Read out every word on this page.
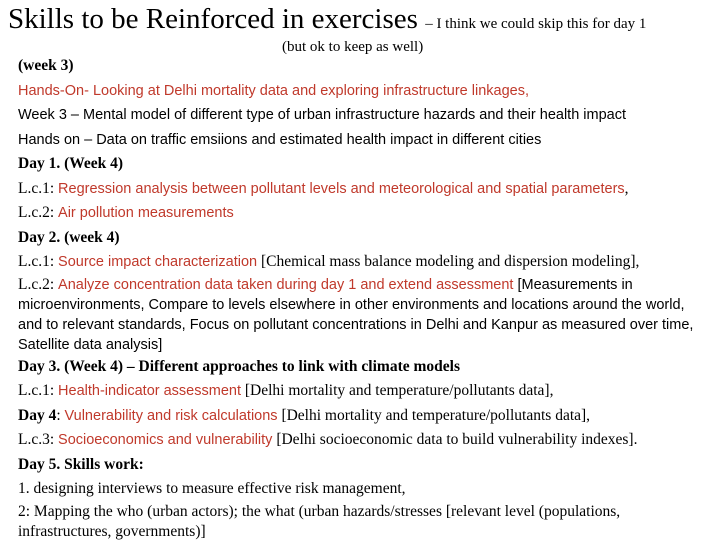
Skills to be Reinforced in exercises – I think we could skip this for day 1
(but ok to keep as well)

(week 3)

Hands-On- Looking at Delhi mortality data and exploring infrastructure linkages,

Week 3 – Mental model of different type of urban infrastructure hazards and their health impact

Hands on – Data on traffic emsiions and estimated health impact in different cities

Day 1. (Week 4)

L.c.1: Regression analysis between pollutant levels and meteorological and spatial parameters,

L.c.2: Air pollution measurements

Day 2. (week 4)

L.c.1: Source impact characterization [Chemical mass balance modeling and dispersion modeling],

L.c.2: Analyze concentration data taken during day 1 and extend assessment [Measurements in microenvironments, Compare to levels elsewhere in other environments and locations around the world, and to relevant standards, Focus on pollutant concentrations in Delhi and Kanpur as measured over time, Satellite data analysis]

Day 3. (Week 4) – Different approaches to link with climate models

L.c.1: Health-indicator assessment [Delhi mortality and temperature/pollutants data],

Day 4: Vulnerability and risk calculations [Delhi mortality and temperature/pollutants data],

L.c.3: Socioeconomics and vulnerability [Delhi socioeconomic data to build vulnerability indexes].

Day 5. Skills work:

1. designing interviews to measure effective risk management,

2: Mapping the who (urban actors); the what (urban hazards/stresses [relevant level (populations, infrastructures, governments)]
